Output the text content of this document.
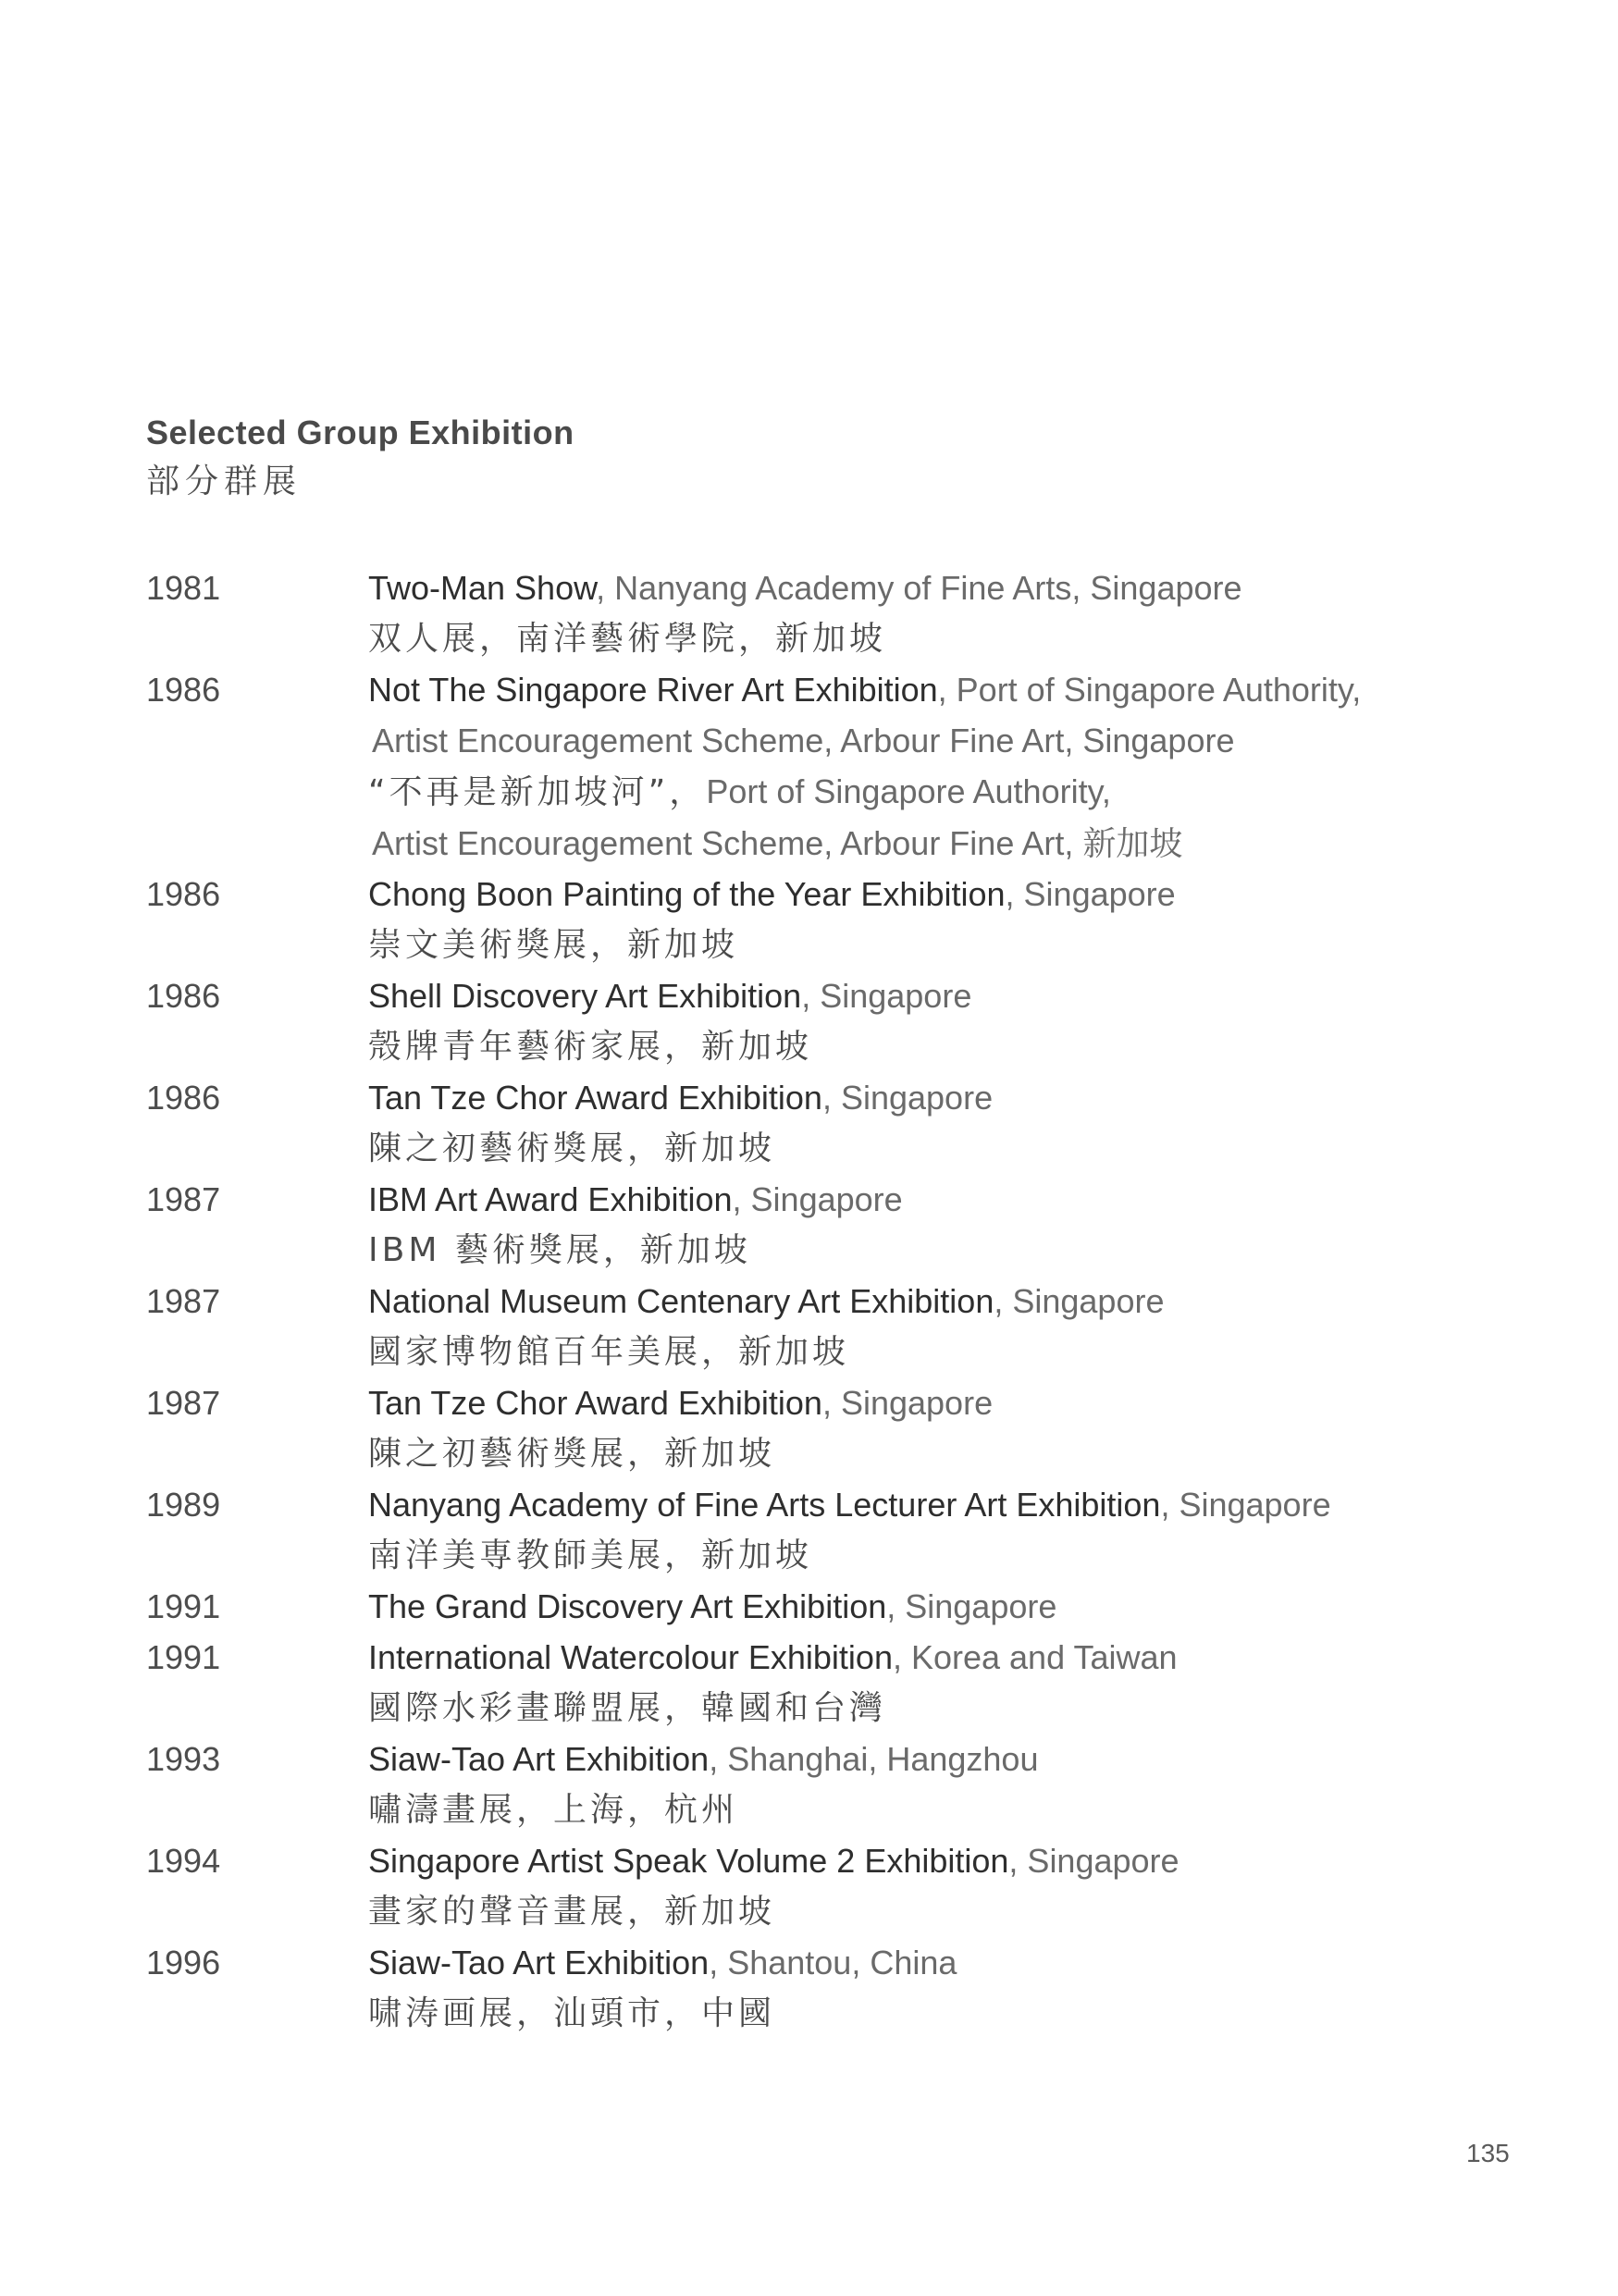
Selected Group Exhibition
部分群展
1981	Two-Man Show, Nanyang Academy of Fine Arts, Singapore
双人展，南洋藝術學院，新加坡
1986	Not The Singapore River Art Exhibition, Port of Singapore Authority,
Artist Encouragement Scheme, Arbour Fine Art, Singapore
“不再是新加坡河”，Port of Singapore Authority,
Artist Encouragement Scheme, Arbour Fine Art, 新加坡
1986	Chong Boon Painting of the Year Exhibition, Singapore
崇文美術獎展，新加坡
1986	Shell Discovery Art Exhibition, Singapore
殼牌青年藝術家展，新加坡
1986	Tan Tze Chor Award Exhibition, Singapore
陳之初藝術獎展，新加坡
1987	IBM Art Award Exhibition, Singapore
IBM 藝術獎展，新加坡
1987	National Museum Centenary Art Exhibition, Singapore
國家博物館百年美展，新加坡
1987	Tan Tze Chor Award Exhibition, Singapore
陳之初藝術獎展，新加坡
1989	Nanyang Academy of Fine Arts Lecturer Art Exhibition, Singapore
南洋美専教師美展，新加坡
1991	The Grand Discovery Art Exhibition, Singapore
1991	International Watercolour Exhibition, Korea and Taiwan
國際水彩畫聯盟展，韓國和台灣
1993	Siaw-Tao Art Exhibition, Shanghai, Hangzhou
嘯濤畫展，上海，杭州
1994	Singapore Artist Speak Volume 2 Exhibition, Singapore
畫家的聲音畫展，新加坡
1996	Siaw-Tao Art Exhibition, Shantou, China
啸涛画展，汕頭市，中國
135
